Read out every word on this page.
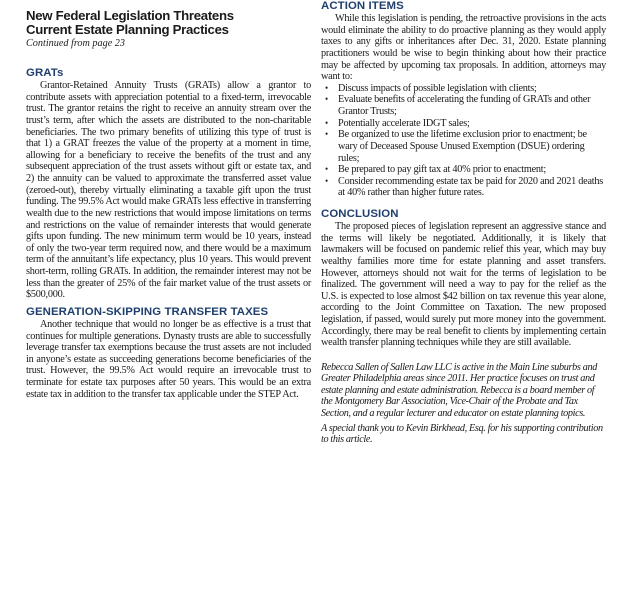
New Federal Legislation Threatens
Current Estate Planning Practices

Continued from page 23

GRATs

Grantor-Retained Annuity Trusts (GRATs) allow a grantor to contribute assets with appreciation potential to a fixed-term, irrevocable trust. The grantor retains the right to receive an annuity stream over the trust’s term, after which the assets are distributed to the non-charitable beneficiaries. The two primary benefits of utilizing this type of trust is that 1) a GRAT freezes the value of the property at a moment in time, allowing for a beneficiary to receive the benefits of the trust and any subsequent appreciation of the trust assets without gift or estate tax, and 2) the annuity can be valued to approximate the transferred asset value (zeroed-out), thereby virtually eliminating a taxable gift upon the trust funding. The 99.5% Act would make GRATs less effective in transferring wealth due to the new restrictions that would impose limitations on terms and restrictions on the value of remainder interests that would generate gifts upon funding. The new minimum term would be 10 years, instead of only the two-year term required now, and there would be a maximum term of the annuitant’s life expectancy, plus 10 years. This would prevent short-term, rolling GRATs. In addition, the remainder interest may not be less than the greater of 25% of the fair market value of the trust assets or $500,000.

GENERATION-SKIPPING TRANSFER TAXES

Another technique that would no longer be as effective is a trust that continues for multiple generations. Dynasty trusts are able to successfully leverage transfer tax exemptions because the trust assets are not included in anyone’s estate as succeeding generations become beneficiaries of the trust. However, the 99.5% Act would require an irrevocable trust to terminate for estate tax purposes after 50 years. This would be an extra estate tax in addition to the transfer tax applicable under the STEP Act.

ACTION ITEMS

While this legislation is pending, the retroactive provisions in the acts would eliminate the ability to do proactive planning as they would apply taxes to any gifts or inheritances after Dec. 31, 2020. Estate planning practitioners would be wise to begin thinking about how their practice may be affected by upcoming tax proposals. In addition, attorneys may want to:

• Discuss impacts of possible legislation with clients;
• Evaluate benefits of accelerating the funding of GRATs and other Grantor Trusts;
• Potentially accelerate IDGT sales;
• Be organized to use the lifetime exclusion prior to enactment; be wary of Deceased Spouse Unused Exemption (DSUE) ordering rules;
• Be prepared to pay gift tax at 40% prior to enactment;
• Consider recommending estate tax be paid for 2020 and 2021 deaths at 40% rather than higher future rates.
CONCLUSION

The proposed pieces of legislation represent an aggressive stance and the terms will likely be negotiated. Additionally, it is likely that lawmakers will be focused on pandemic relief this year, which may buy wealthy families more time for estate planning and asset transfers. However, attorneys should not wait for the terms of legislation to be finalized. The government will need a way to pay for the relief as the U.S. is expected to lose almost $42 billion on tax revenue this year alone, according to the Joint Committee on Taxation. The new proposed legislation, if passed, would surely put more money into the government. Accordingly, there may be real benefit to clients by implementing certain wealth transfer planning techniques while they are still available.

Rebecca Sallen of Sallen Law LLC is active in the Main Line suburbs and Greater Philadelphia areas since 2011. Her practice focuses on trust and estate planning and estate administration. Rebecca is a board member of the Montgomery Bar Association, Vice-Chair of the Probate and Tax Section, and a regular lecturer and educator on estate planning topics.

A special thank you to Kevin Birkhead, Esq. for his supporting contribution to this article.
